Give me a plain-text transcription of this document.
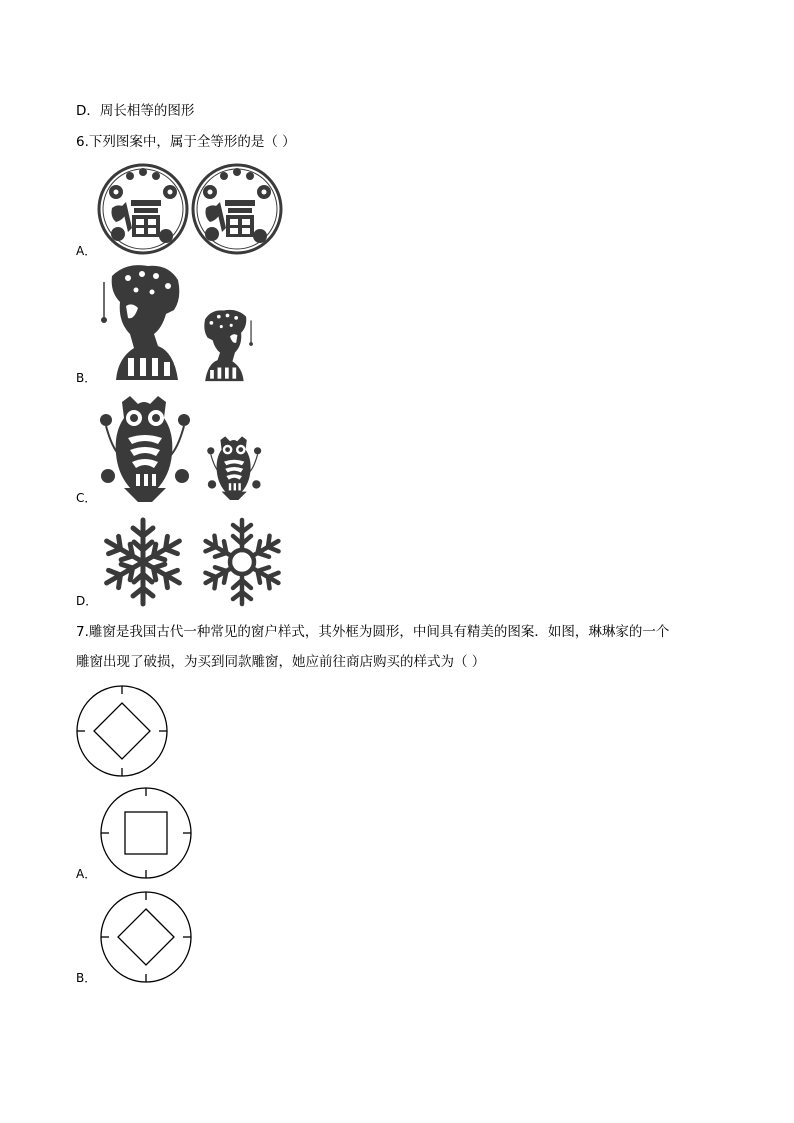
D．周长相等的图形
6.下列图案中，属于全等形的是（ ）
A．
B．
C．
D．
7.雕窗是我国古代一种常见的窗户样式，其外框为圆形，中间具有精美的图案．如图，琳琳家的一个
雕窗出现了破损，为买到同款雕窗，她应前往商店购买的样式为（ ）
A．
B．
